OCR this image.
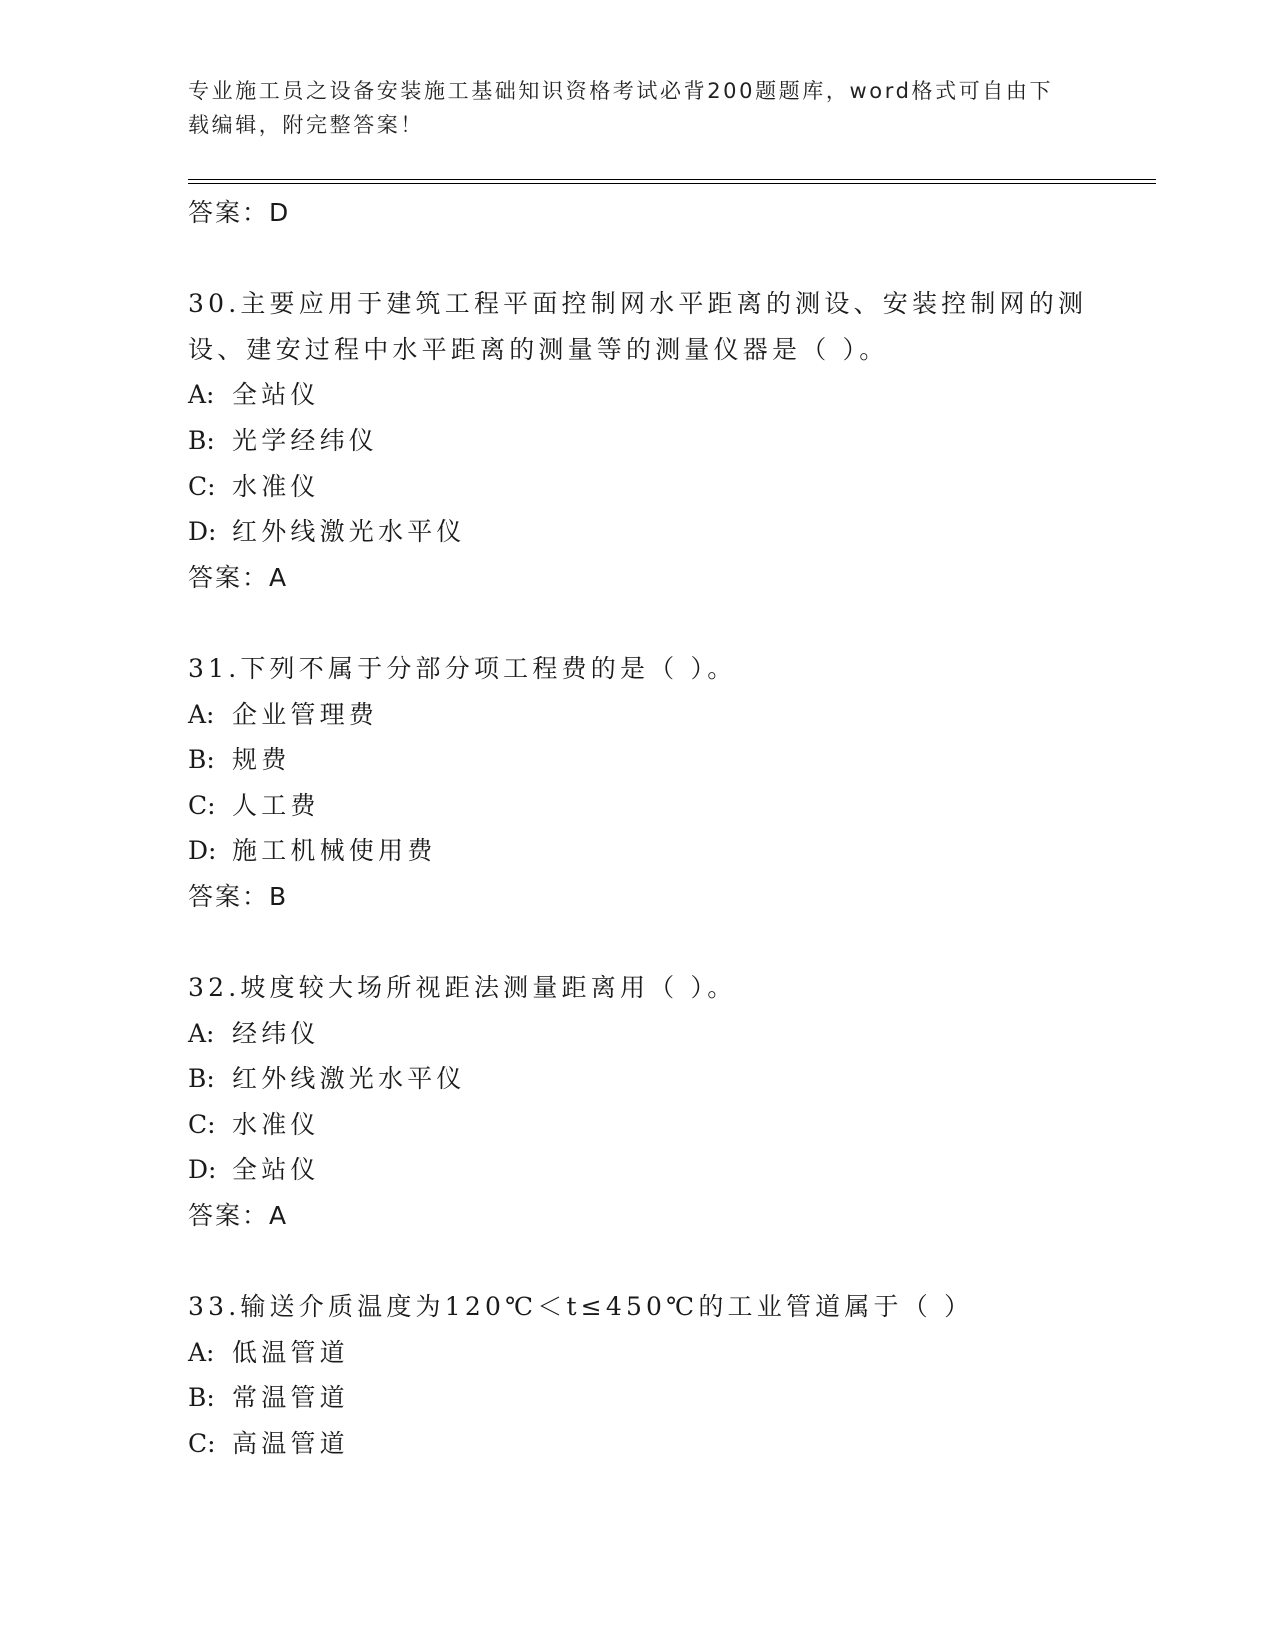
专业施工员之设备安装施工基础知识资格考试必背200题题库，word格式可自由下载编辑，附完整答案！
答案：D
30.主要应用于建筑工程平面控制网水平距离的测设、安装控制网的测
设、建安过程中水平距离的测量等的测量仪器是（ ）。
A: 全站仪
B: 光学经纬仪
C: 水准仪
D: 红外线激光水平仪
答案：A
31.下列不属于分部分项工程费的是（ ）。
A: 企业管理费
B: 规费
C: 人工费
D: 施工机械使用费
答案：B
32.坡度较大场所视距法测量距离用（ ）。
A: 经纬仪
B: 红外线激光水平仪
C: 水准仪
D: 全站仪
答案：A
33.输送介质温度为120℃＜t≤450℃的工业管道属于（ ）
A: 低温管道
B: 常温管道
C: 高温管道
